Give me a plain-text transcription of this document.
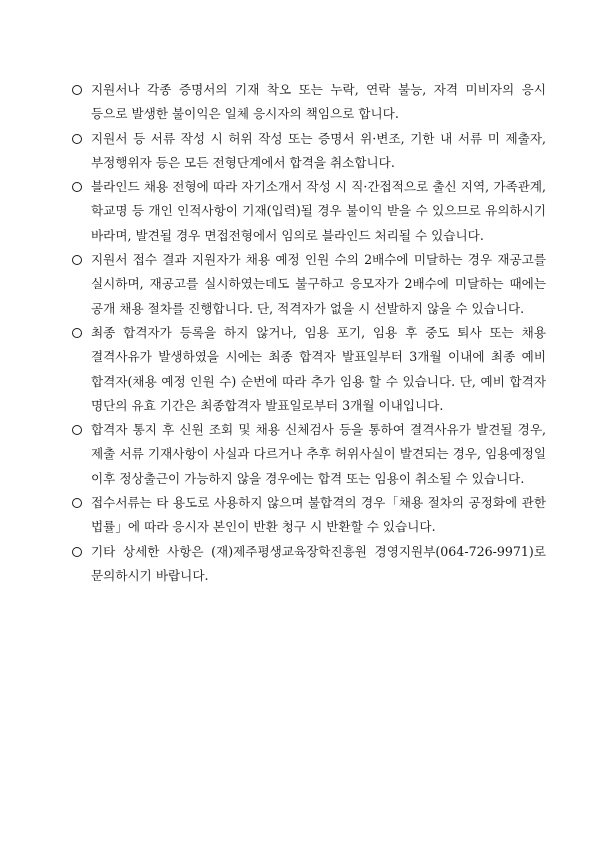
지원서나 각종 증명서의 기재 착오 또는 누락, 연락 불능, 자격 미비자의 응시 등으로 발생한 불이익은 일체 응시자의 책임으로 합니다.
지원서 등 서류 작성 시 허위 작성 또는 증명서 위·변조, 기한 내 서류 미 제출자, 부정행위자 등은 모든 전형단계에서 합격을 취소합니다.
블라인드 채용 전형에 따라 자기소개서 작성 시 직·간접적으로 출신 지역, 가족관계, 학교명 등 개인 인적사항이 기재(입력)될 경우 불이익 받을 수 있으므로 유의하시기 바라며, 발견될 경우 면접전형에서 임의로 블라인드 처리될 수 있습니다.
지원서 접수 결과 지원자가 채용 예정 인원 수의 2배수에 미달하는 경우 재공고를 실시하며, 재공고를 실시하였는데도 불구하고 응모자가 2배수에 미달하는 때에는 공개 채용 절차를 진행합니다. 단, 적격자가 없을 시 선발하지 않을 수 있습니다.
최종 합격자가 등록을 하지 않거나, 임용 포기, 임용 후 중도 퇴사 또는 채용 결격사유가 발생하였을 시에는 최종 합격자 발표일부터 3개월 이내에 최종 예비 합격자(채용 예정 인원 수) 순번에 따라 추가 임용 할 수 있습니다. 단, 예비 합격자 명단의 유효 기간은 최종합격자 발표일로부터 3개월 이내입니다.
합격자 통지 후 신원 조회 및 채용 신체검사 등을 통하여 결격사유가 발견될 경우, 제출 서류 기재사항이 사실과 다르거나 추후 허위사실이 발견되는 경우, 임용예정일 이후 정상출근이 가능하지 않을 경우에는 합격 또는 임용이 취소될 수 있습니다.
접수서류는 타 용도로 사용하지 않으며 불합격의 경우「채용 절차의 공정화에 관한 법률」에 따라 응시자 본인이 반환 청구 시 반환할 수 있습니다.
기타 상세한 사항은 (재)제주평생교육장학진흥원 경영지원부(064-726-9971)로 문의하시기 바랍니다.
